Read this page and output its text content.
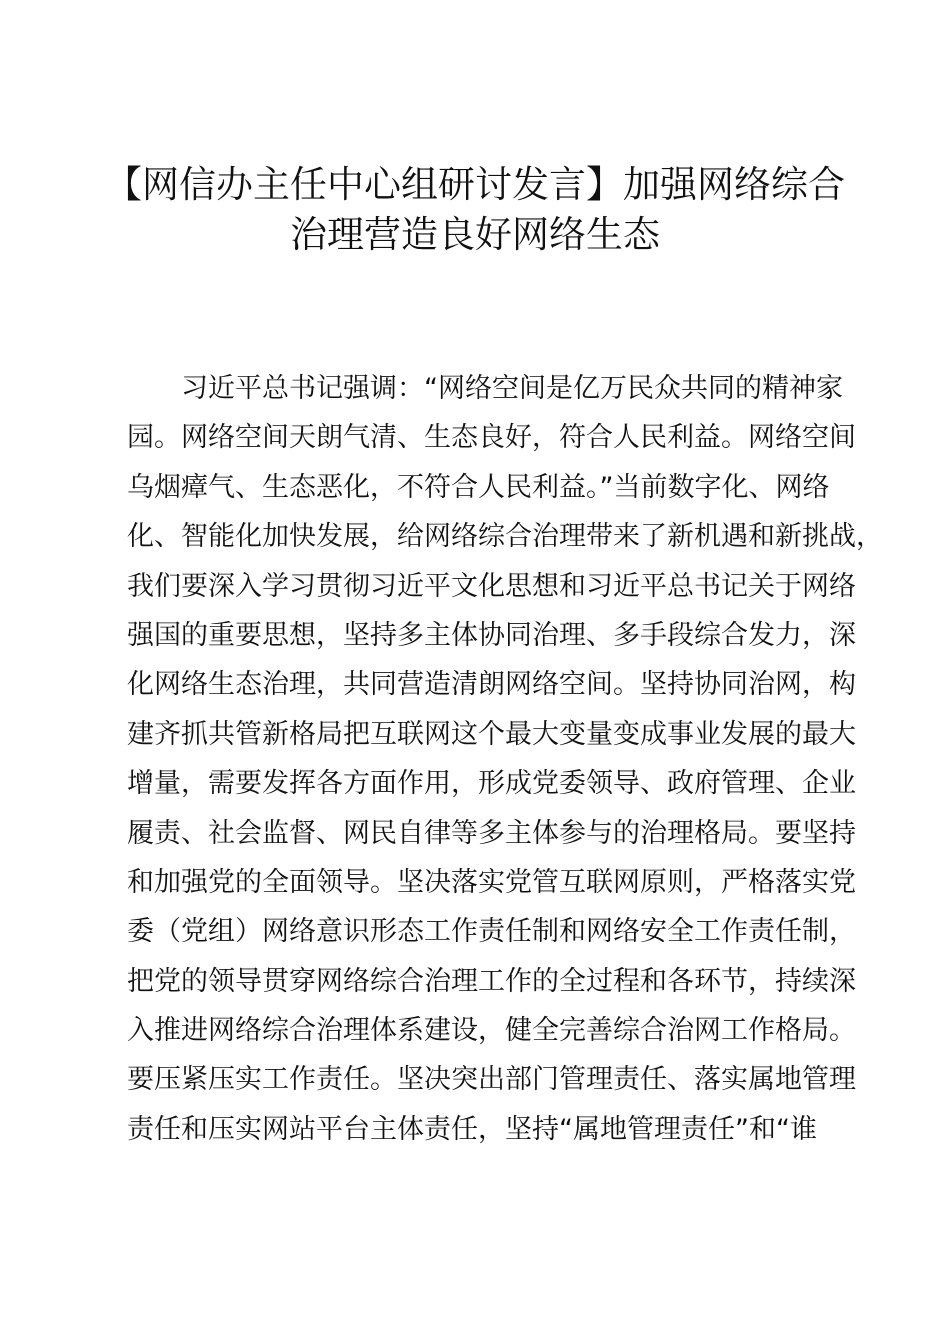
【网信办主任中心组研讨发言】加强网络综合
治理营造良好网络生态
习近平总书记强调：“网络空间是亿万民众共同的精神家
园。网络空间天朗气清、生态良好，符合人民利益。网络空间
乌烟瘴气、生态恶化，不符合人民利益。”当前数字化、网络
化、智能化加快发展，给网络综合治理带来了新机遇和新挑战，
我们要深入学习贯彻习近平文化思想和习近平总书记关于网络
强国的重要思想，坚持多主体协同治理、多手段综合发力，深
化网络生态治理，共同营造清朗网络空间。坚持协同治网，构
建齐抓共管新格局把互联网这个最大变量变成事业发展的最大
增量，需要发挥各方面作用，形成党委领导、政府管理、企业
履责、社会监督、网民自律等多主体参与的治理格局。要坚持
和加强党的全面领导。坚决落实党管互联网原则，严格落实党
委（党组）网络意识形态工作责任制和网络安全工作责任制，
把党的领导贯穿网络综合治理工作的全过程和各环节，持续深
入推进网络综合治理体系建设，健全完善综合治网工作格局。
要压紧压实工作责任。坚决突出部门管理责任、落实属地管理
责任和压实网站平台主体责任，坚持“属地管理责任”和“谁
